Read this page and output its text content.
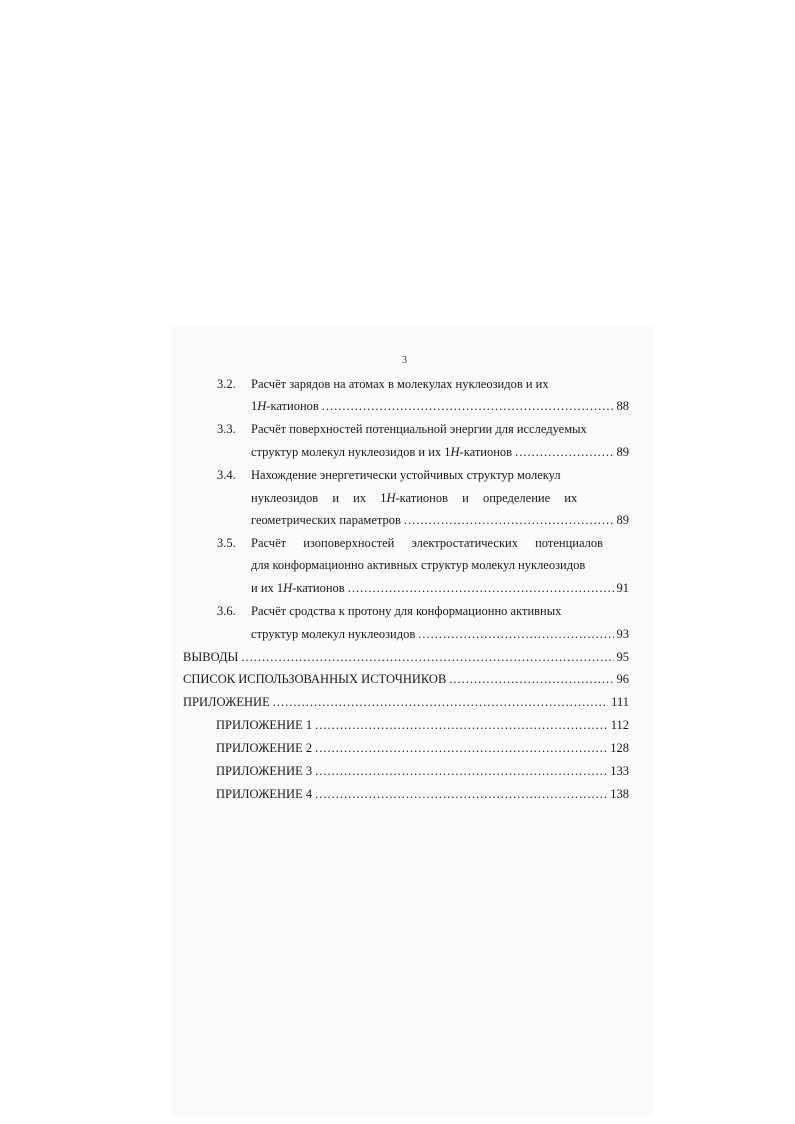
3
3.2. Расчёт зарядов на атомах в молекулах нуклеозидов и их
1H-катионов .....	88
3.3. Расчёт поверхностей потенциальной энергии для исследуемых
структур молекул нуклеозидов и их 1H-катионов .....	89
3.4. Нахождение энергетически устойчивых структур молекул
нуклеозидов и их 1H-катионов и определение их
геометрических параметров .....	89
3.5. Расчёт изоповерхностей электростатических потенциалов
для конформационно активных структур молекул нуклеозидов
и их 1H-катионов .....	91
3.6. Расчёт сродства к протону для конформационно активных
структур молекул нуклеозидов .....	93
ВЫВОДЫ .....	95
СПИСОК ИСПОЛЬЗОВАННЫХ ИСТОЧНИКОВ .....	96
ПРИЛОЖЕНИЕ .....	111
ПРИЛОЖЕНИЕ 1 .....	112
ПРИЛОЖЕНИЕ 2 .....	128
ПРИЛОЖЕНИЕ 3 .....	133
ПРИЛОЖЕНИЕ 4 .....	138
